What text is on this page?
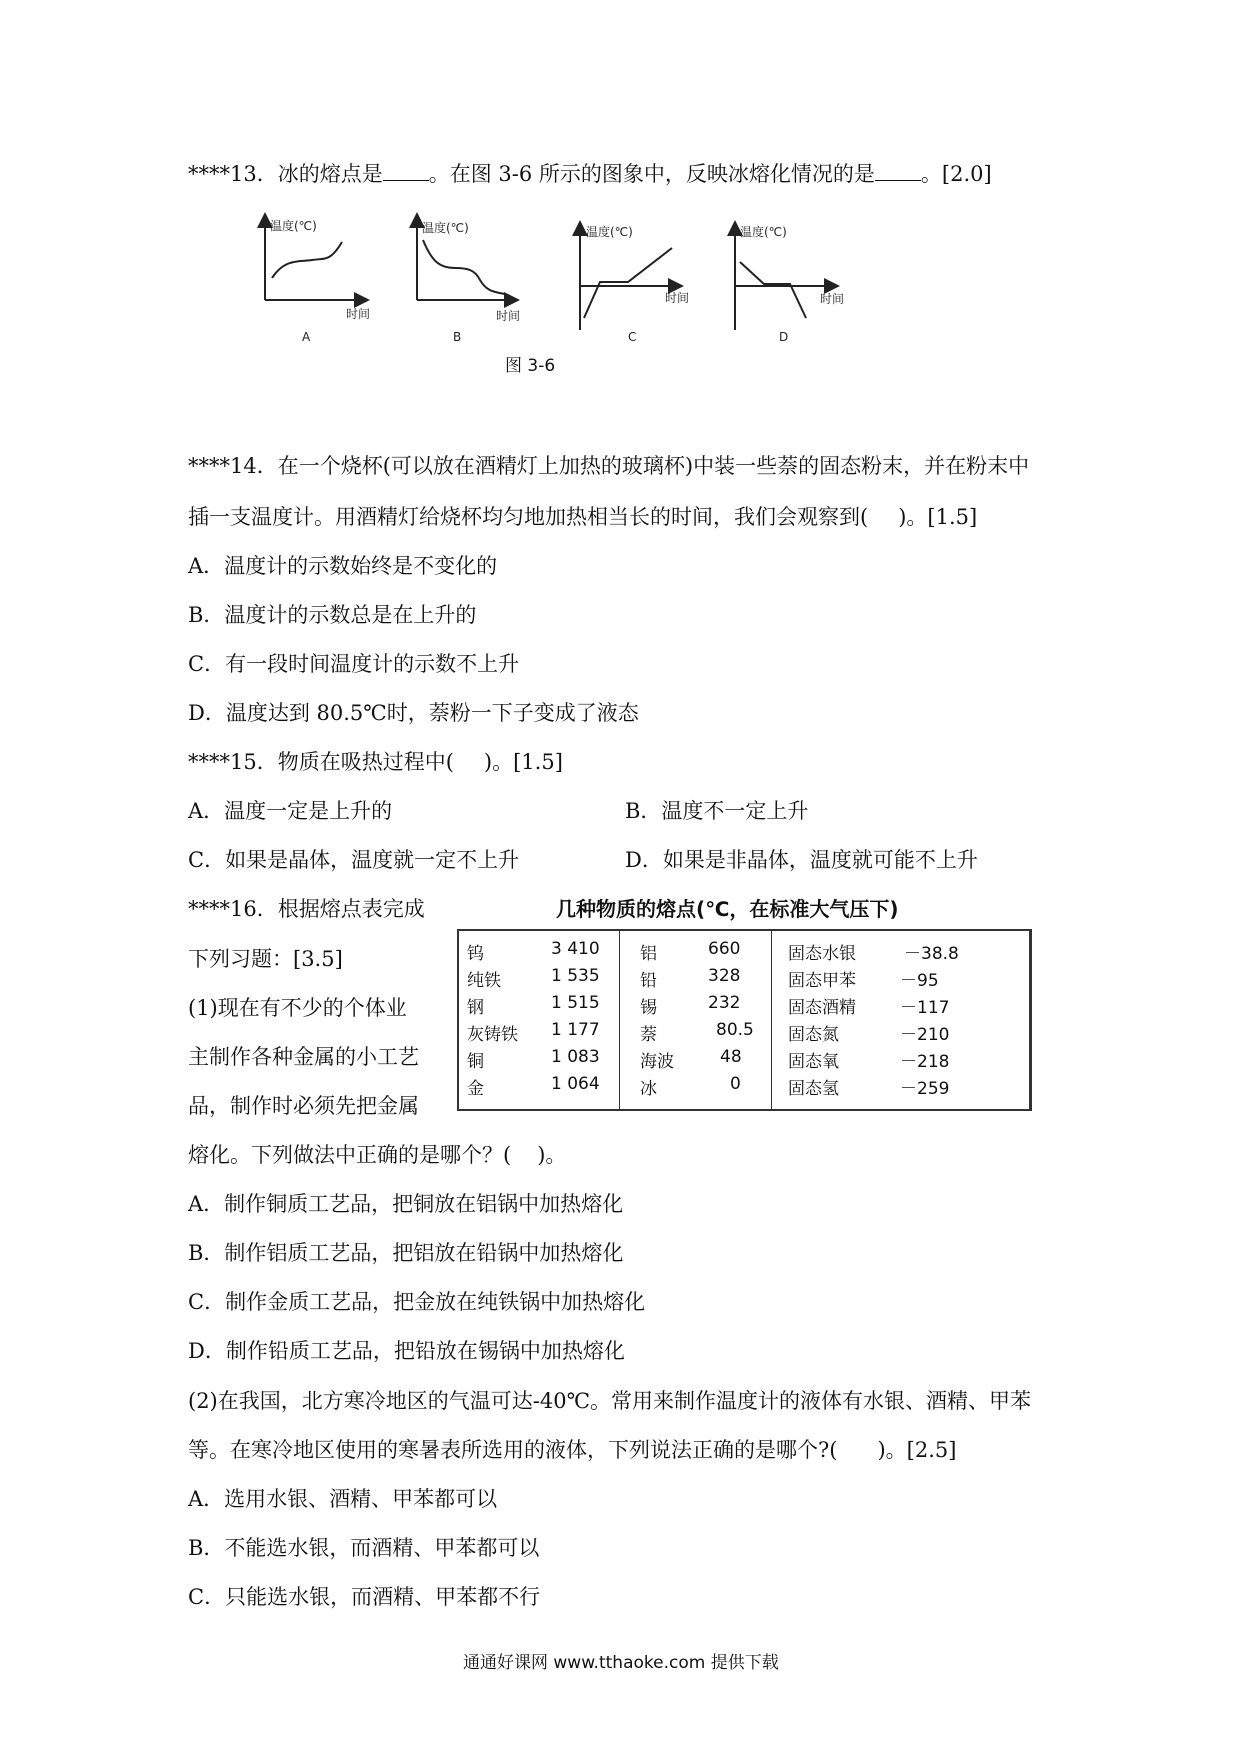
****13．冰的熔点是 。在图 3-6 所示的图象中，反映冰熔化情况的是 。[2.0]
温度(℃)
时间
A
温度(℃)
时间
B
温度(℃)
时间
C
温度(℃)
时间
D
图 3-6
****14．在一个烧杯(可以放在酒精灯上加热的玻璃杯)中装一些萘的固态粉末，并在粉末中
插一支温度计。用酒精灯给烧杯均匀地加热相当长的时间，我们会观察到( )。[1.5]
A．温度计的示数始终是不变化的
B．温度计的示数总是在上升的
C．有一段时间温度计的示数不上升
D．温度达到 80.5℃时，萘粉一下子变成了液态
****15．物质在吸热过程中( )。[1.5]
A．温度一定是上升的	B．温度不一定上升
C．如果是晶体，温度就一定不上升	D．如果是非晶体，温度就可能不上升
****16．根据熔点表完成
下列习题：[3.5]
(1)现在有不少的个体业
主制作各种金属的小工艺
品，制作时必须先把金属
几种物质的熔点(℃，在标准大气压下)
钨	3 410
纯铁	1 535
钢	1 515
灰铸铁 1 177
铜	1 083
金	1 064
铝	660
铅	328
锡	232
萘	80.5
海波	48
冰	0
固态水银	－38.8
固态甲苯	－95
固态酒精	－117
固态氮	－210
固态氧	－218
固态氢	－259
熔化。下列做法中正确的是哪个？( )。
A．制作铜质工艺品，把铜放在铝锅中加热熔化
B．制作铝质工艺品，把铝放在铅锅中加热熔化
C．制作金质工艺品，把金放在纯铁锅中加热熔化
D．制作铅质工艺品，把铅放在锡锅中加热熔化
(2)在我国，北方寒冷地区的气温可达-40℃。常用来制作温度计的液体有水银、酒精、甲苯
等。在寒冷地区使用的寒暑表所选用的液体，下列说法正确的是哪个?( )。[2.5]
A．选用水银、酒精、甲苯都可以
B．不能选水银，而酒精、甲苯都可以
C．只能选水银，而酒精、甲苯都不行
通通好课网 www.tthaoke.com 提供下载
